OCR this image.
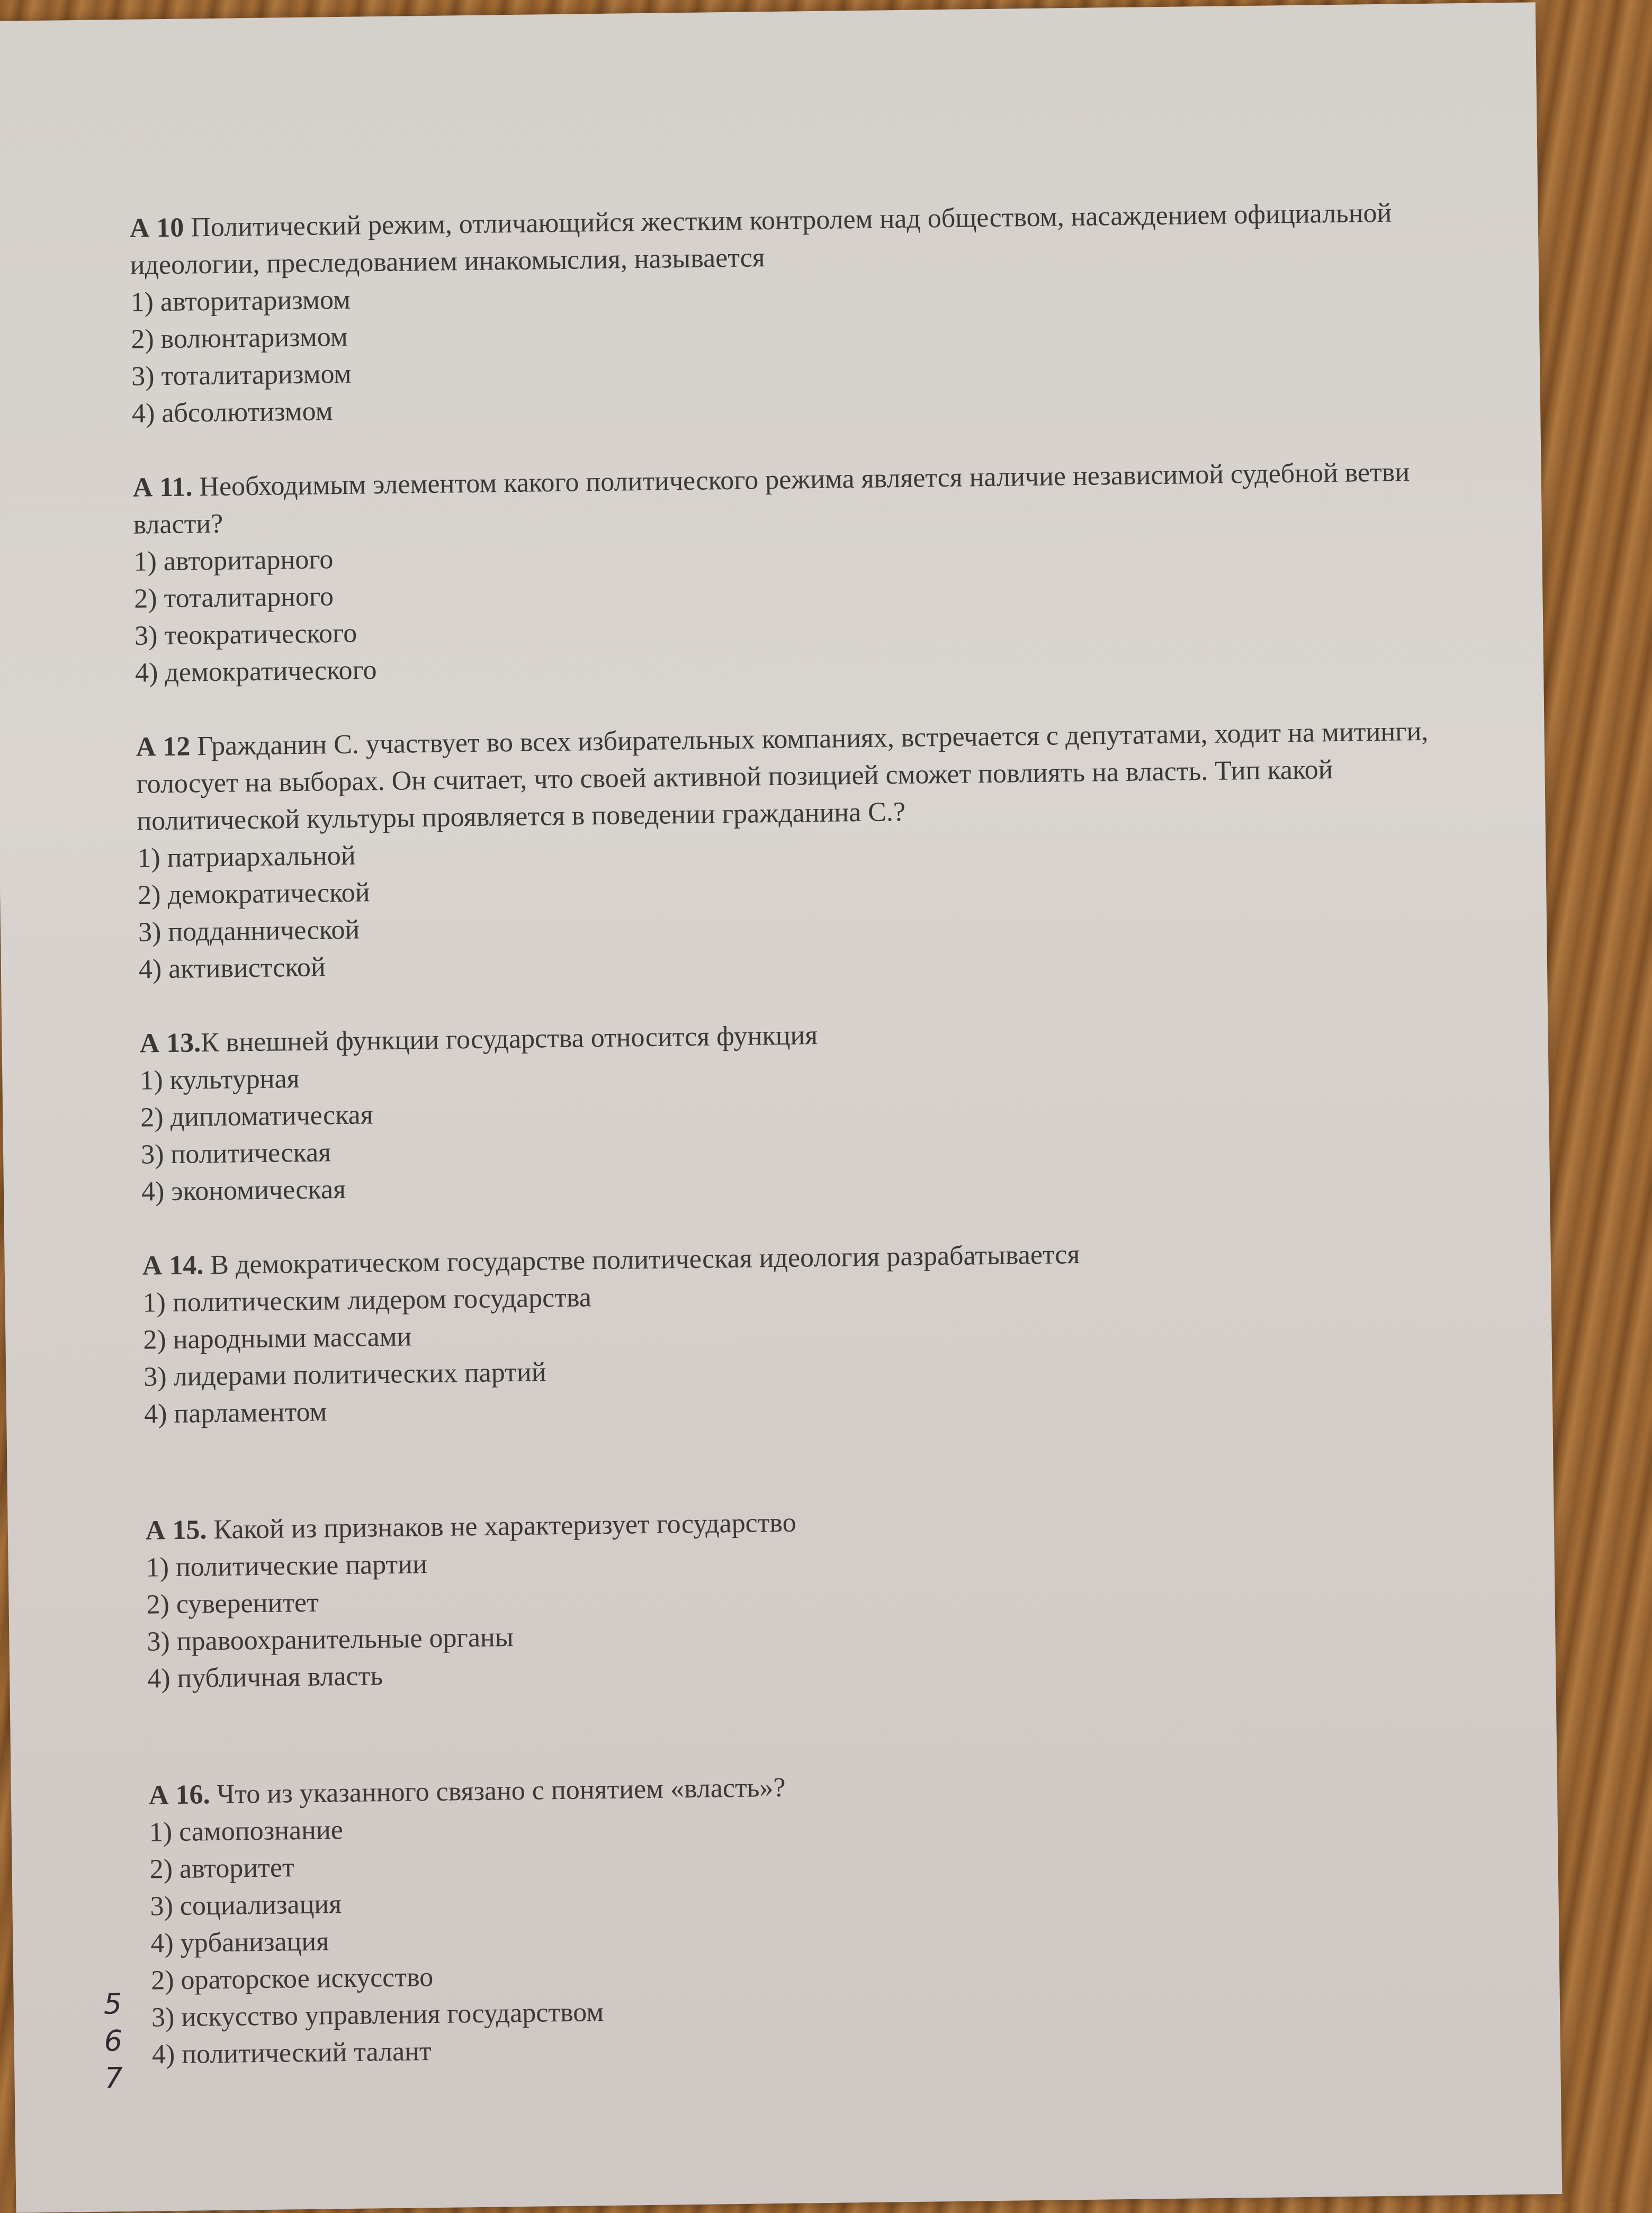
А 10 Политический режим, отличающийся жестким контролем над обществом, насаждением официальной идеологии, преследованием инакомыслия, называется

1) авторитаризмом

2) волюнтаризмом

3) тоталитаризмом

4) абсолютизмом

А 11. Необходимым элементом какого политического режима является наличие независимой судебной ветви власти?

1) авторитарного

2) тоталитарного

3) теократического

4) демократического

А 12 Гражданин С. участвует во всех избирательных компаниях, встречается с депутатами, ходит на митинги, голосует на выборах. Он считает, что своей активной позицией сможет повлиять на власть. Тип какой политической культуры проявляется в поведении гражданина С.?

1) патриархальной

2) демократической

3) подданнической

4) активистской

А 13.К внешней функции государства относится функция

1) культурная

2) дипломатическая

3) политическая

4) экономическая

А 14. В демократическом государстве политическая идеология разрабатывается

1) политическим лидером государства

2) народными массами

3) лидерами политических партий

4) парламентом

А 15. Какой из признаков не характеризует государство

1) политические партии

2) суверенитет

3) правоохранительные органы

4) публичная власть

А 16. Что из указанного связано с понятием «власть»?

1) самопознание

2) авторитет

3) социализация

4) урбанизация

5
2) ораторское искусство

6
3) искусство управления государством

7
4) политический талант
